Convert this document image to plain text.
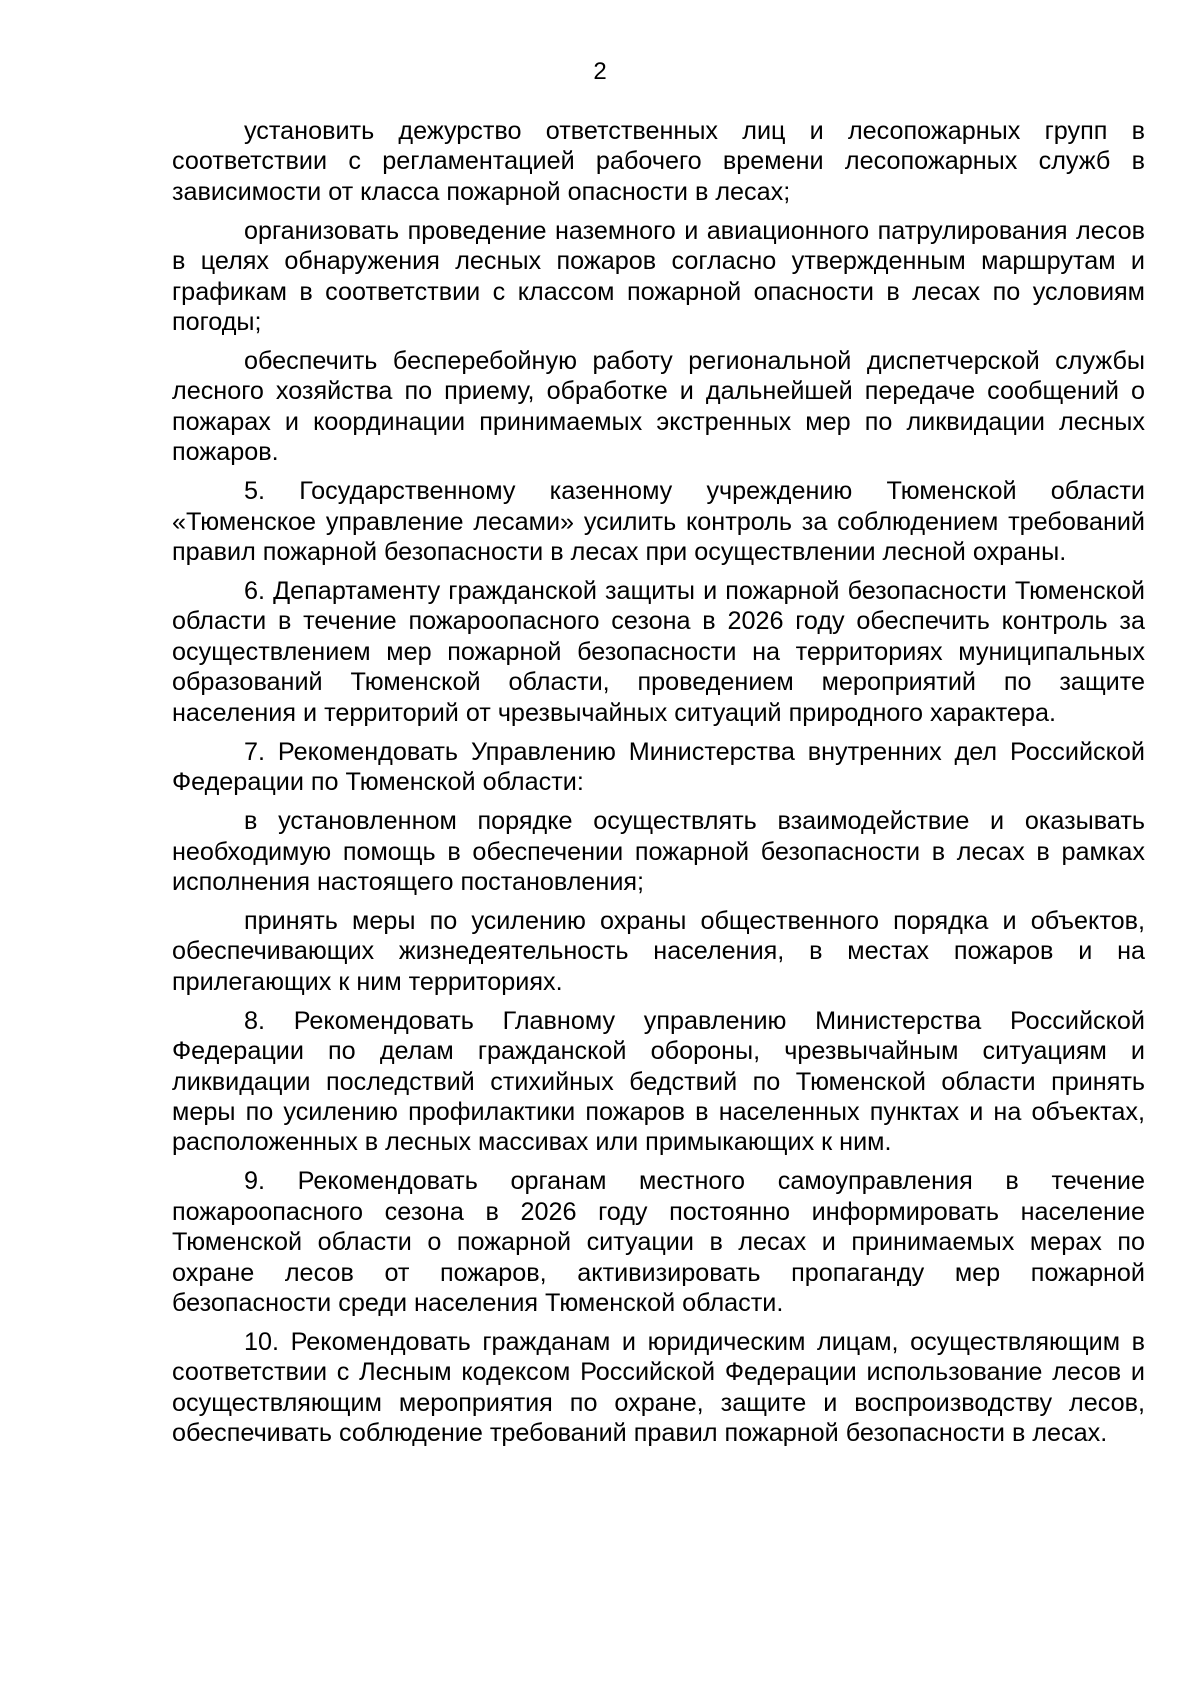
2

установить дежурство ответственных лиц и лесопожарных групп в соответствии с регламентацией рабочего времени лесопожарных служб в зависимости от класса пожарной опасности в лесах;

организовать проведение наземного и авиационного патрулирования лесов в целях обнаружения лесных пожаров согласно утвержденным маршрутам и графикам в соответствии с классом пожарной опасности в лесах по условиям погоды;

обеспечить бесперебойную работу региональной диспетчерской службы лесного хозяйства по приему, обработке и дальнейшей передаче сообщений о пожарах и координации принимаемых экстренных мер по ликвидации лесных пожаров.

5. Государственному казенному учреждению Тюменской области «Тюменское управление лесами» усилить контроль за соблюдением требований правил пожарной безопасности в лесах при осуществлении лесной охраны.

6. Департаменту гражданской защиты и пожарной безопасности Тюменской области в течение пожароопасного сезона в 2026 году обеспечить контроль за осуществлением мер пожарной безопасности на территориях муниципальных образований Тюменской области, проведением мероприятий по защите населения и территорий от чрезвычайных ситуаций природного характера.

7. Рекомендовать Управлению Министерства внутренних дел Российской Федерации по Тюменской области:

в установленном порядке осуществлять взаимодействие и оказывать необходимую помощь в обеспечении пожарной безопасности в лесах в рамках исполнения настоящего постановления;

принять меры по усилению охраны общественного порядка и объектов, обеспечивающих жизнедеятельность населения, в местах пожаров и на прилегающих к ним территориях.

8. Рекомендовать Главному управлению Министерства Российской Федерации по делам гражданской обороны, чрезвычайным ситуациям и ликвидации последствий стихийных бедствий по Тюменской области принять меры по усилению профилактики пожаров в населенных пунктах и на объектах, расположенных в лесных массивах или примыкающих к ним.

9. Рекомендовать органам местного самоуправления в течение пожароопасного сезона в 2026 году постоянно информировать население Тюменской области о пожарной ситуации в лесах и принимаемых мерах по охране лесов от пожаров, активизировать пропаганду мер пожарной безопасности среди населения Тюменской области.

10. Рекомендовать гражданам и юридическим лицам, осуществляющим в соответствии с Лесным кодексом Российской Федерации использование лесов и осуществляющим мероприятия по охране, защите и воспроизводству лесов, обеспечивать соблюдение требований правил пожарной безопасности в лесах.
